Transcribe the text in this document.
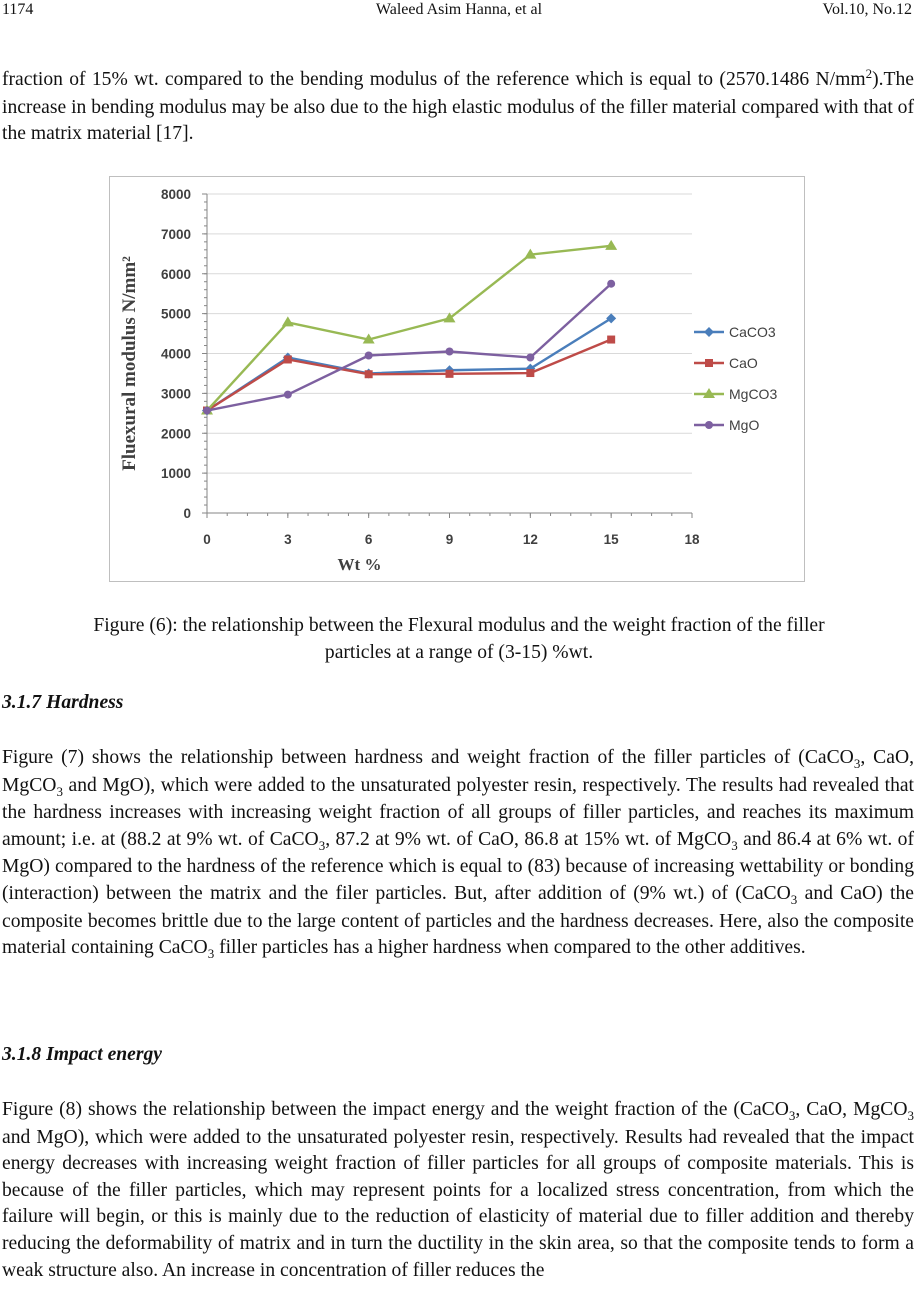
1174	Waleed Asim Hanna, et al	Vol.10, No.12

fraction of 15% wt. compared to the bending modulus of the reference which is equal to (2570.1486 $N/mm^2).The$ increase in bending modulus may be also due to the high elastic modulus of the filler material compared with that of the matrix material [17].

0
1000
2000
3000
4000
5000
6000
7000
8000
0	3	6	9	12	15	18
Wt %
Fluexural modulus N/mm²	CaCO3
CaO
MgCO3
MgO
Figure (6): the relationship between the Flexural modulus and the weight fraction of the filler
particles at a range of (3-15) %wt.

3.1.7 Hardness

Figure (7) shows the relationship between hardness and weight fraction of the filler particles of (CaCO$_3$, CaO, MgCO$_3$ and MgO), which were added to the unsaturated polyester resin, respectively. The results had revealed that the hardness increases with increasing weight fraction of all groups of filler particles, and reaches its maximum amount; i.e. at (88.2 at 9% wt. of CaCO$_3$, 87.2 at 9% wt. of CaO, 86.8 at 15% wt. of MgCO$_3$ and 86.4 at 6% wt. of MgO) compared to the hardness of the reference which is equal to (83) because of increasing wettability or bonding (interaction) between the matrix and the filer particles. But, after addition of (9% wt.) of (CaCO$_3$ and CaO) the composite becomes brittle due to the large content of particles and the hardness decreases. Here, also the composite material containing CaCO$_3$ filler particles has a higher hardness when compared to the other additives.

3.1.8 Impact energy

Figure (8) shows the relationship between the impact energy and the weight fraction of the (CaCO$_3$, CaO, MgCO$_3$ and MgO), which were added to the unsaturated polyester resin, respectively. Results had revealed that the impact energy decreases with increasing weight fraction of filler particles for all groups of composite materials. This is because of the filler particles, which may represent points for a localized stress concentration, from which the failure will begin, or this is mainly due to the reduction of elasticity of material due to filler addition and thereby reducing the deformability of matrix and in turn the ductility in the skin area, so that the composite tends to form a weak structure also. An increase in concentration of filler reduces the
